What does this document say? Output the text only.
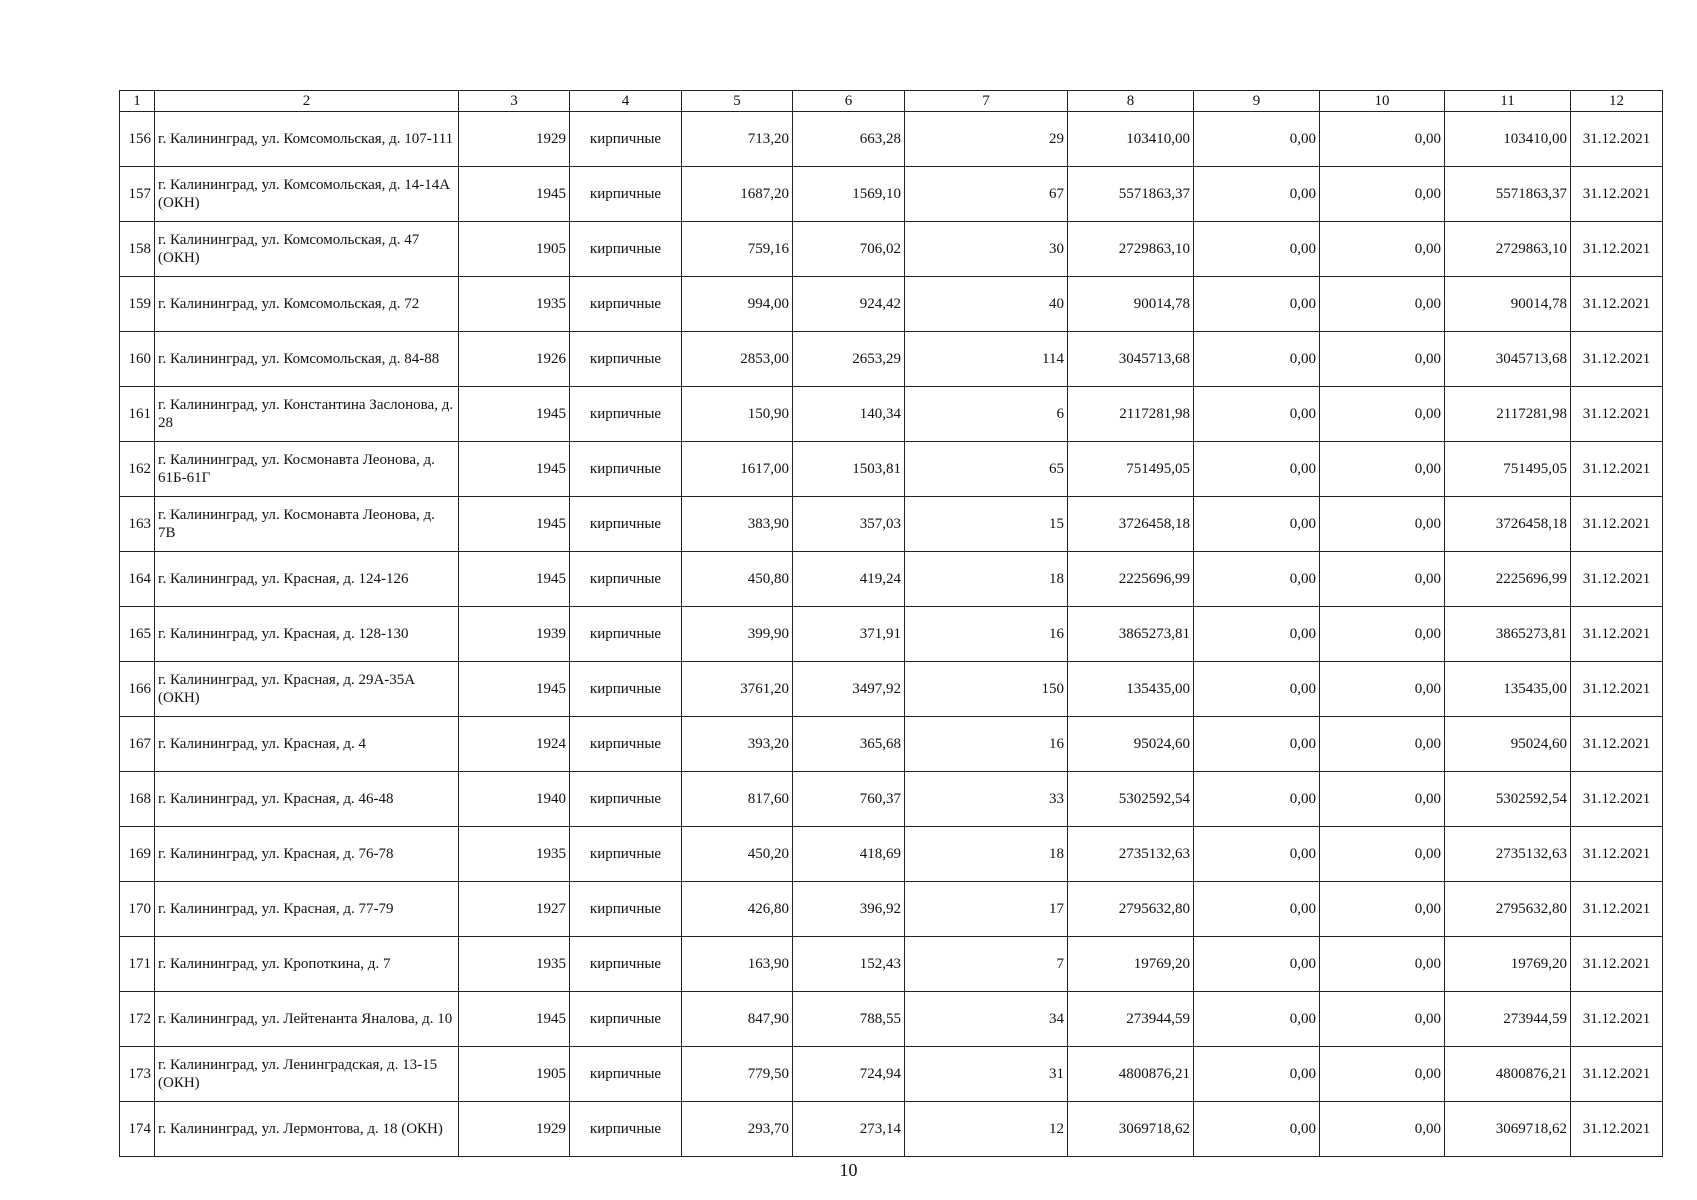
1	2	3	4	5	6	7	8	9	10	11	12
156	г. Калининград, ул. Комсомольская, д. 107-111	1929	кирпичные	713,20	663,28	29	103410,00	0,00	0,00	103410,00	31.12.2021
157	г. Калининград, ул. Комсомольская, д. 14-14А (ОКН)	1945	кирпичные	1687,20	1569,10	67	5571863,37	0,00	0,00	5571863,37	31.12.2021
158	г. Калининград, ул. Комсомольская, д. 47 (ОКН)	1905	кирпичные	759,16	706,02	30	2729863,10	0,00	0,00	2729863,10	31.12.2021
159	г. Калининград, ул. Комсомольская, д. 72	1935	кирпичные	994,00	924,42	40	90014,78	0,00	0,00	90014,78	31.12.2021
160	г. Калининград, ул. Комсомольская, д. 84-88	1926	кирпичные	2853,00	2653,29	114	3045713,68	0,00	0,00	3045713,68	31.12.2021
161	г. Калининград, ул. Константина Заслонова, д. 28	1945	кирпичные	150,90	140,34	6	2117281,98	0,00	0,00	2117281,98	31.12.2021
162	г. Калининград, ул. Космонавта Леонова, д. 61Б-61Г	1945	кирпичные	1617,00	1503,81	65	751495,05	0,00	0,00	751495,05	31.12.2021
163	г. Калининград, ул. Космонавта Леонова, д. 7В	1945	кирпичные	383,90	357,03	15	3726458,18	0,00	0,00	3726458,18	31.12.2021
164	г. Калининград, ул. Красная, д. 124-126	1945	кирпичные	450,80	419,24	18	2225696,99	0,00	0,00	2225696,99	31.12.2021
165	г. Калининград, ул. Красная, д. 128-130	1939	кирпичные	399,90	371,91	16	3865273,81	0,00	0,00	3865273,81	31.12.2021
166	г. Калининград, ул. Красная, д. 29А-35А (ОКН)	1945	кирпичные	3761,20	3497,92	150	135435,00	0,00	0,00	135435,00	31.12.2021
167	г. Калининград, ул. Красная, д. 4	1924	кирпичные	393,20	365,68	16	95024,60	0,00	0,00	95024,60	31.12.2021
168	г. Калининград, ул. Красная, д. 46-48	1940	кирпичные	817,60	760,37	33	5302592,54	0,00	0,00	5302592,54	31.12.2021
169	г. Калининград, ул. Красная, д. 76-78	1935	кирпичные	450,20	418,69	18	2735132,63	0,00	0,00	2735132,63	31.12.2021
170	г. Калининград, ул. Красная, д. 77-79	1927	кирпичные	426,80	396,92	17	2795632,80	0,00	0,00	2795632,80	31.12.2021
171	г. Калининград, ул. Кропоткина, д. 7	1935	кирпичные	163,90	152,43	7	19769,20	0,00	0,00	19769,20	31.12.2021
172	г. Калининград, ул. Лейтенанта Яналова, д. 10	1945	кирпичные	847,90	788,55	34	273944,59	0,00	0,00	273944,59	31.12.2021
173	г. Калининград, ул. Ленинградская, д. 13-15 (ОКН)	1905	кирпичные	779,50	724,94	31	4800876,21	0,00	0,00	4800876,21	31.12.2021
174	г. Калининград, ул. Лермонтова, д. 18 (ОКН)	1929	кирпичные	293,70	273,14	12	3069718,62	0,00	0,00	3069718,62	31.12.2021
10
